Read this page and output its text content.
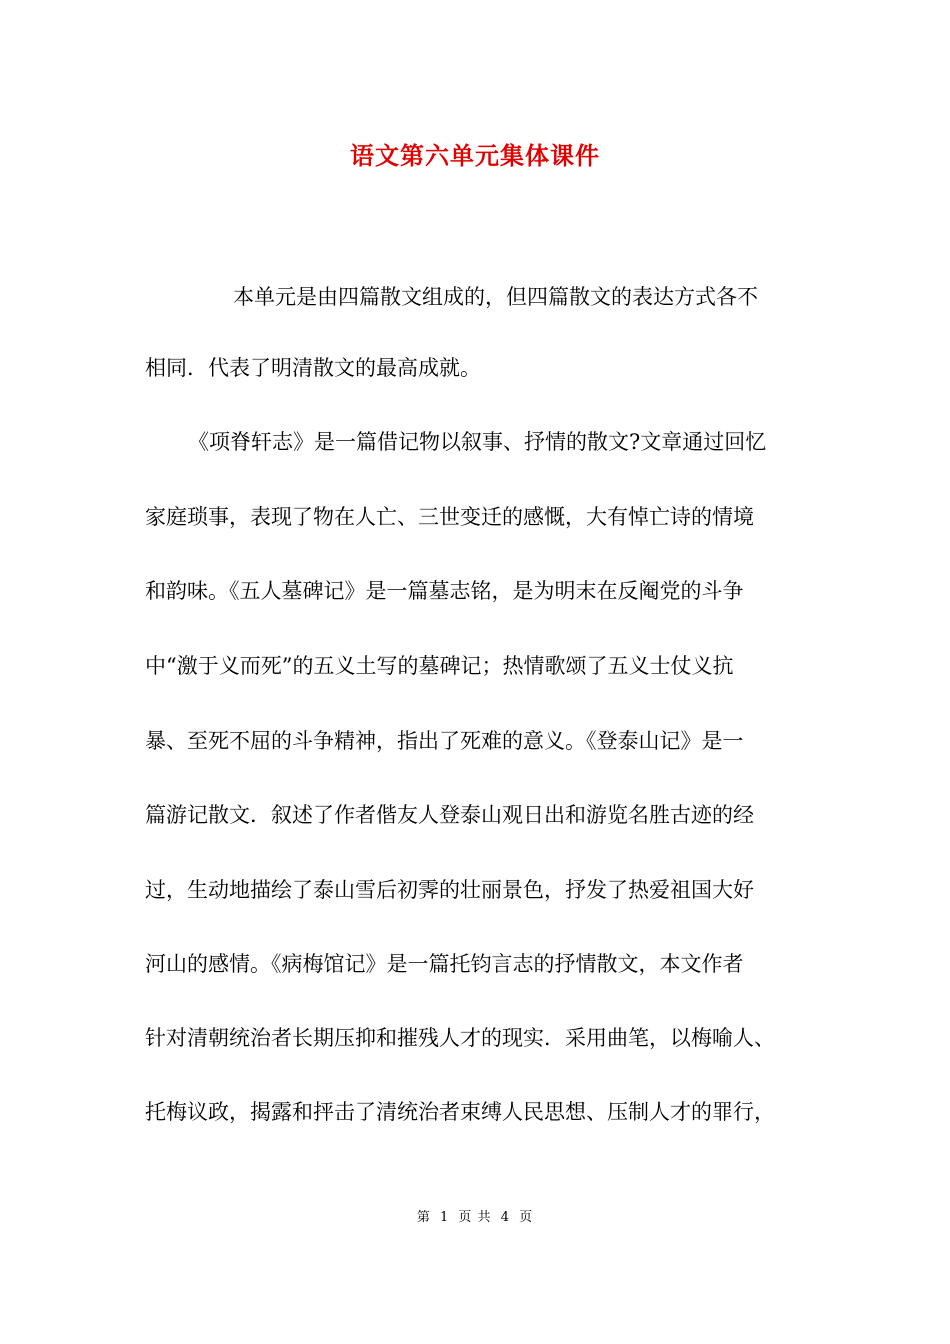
语文第六单元集体课件
本单元是由四篇散文组成的，但四篇散文的表达方式各不
相同．代表了明清散文的最高成就。
《项脊轩志》是一篇借记物以叙事、抒情的散文?文章通过回忆
家庭琐事，表现了物在人亡、三世变迁的感慨，大有悼亡诗的情境
和韵味。《五人墓碑记》是一篇墓志铭，是为明末在反阉党的斗争
中“激于义而死”的五义土写的墓碑记；热情歌颂了五义士仗义抗
暴、至死不屈的斗争精神，指出了死难的意义。《登泰山记》是一
篇游记散文．叙述了作者偕友人登泰山观日出和游览名胜古迹的经
过，生动地描绘了泰山雪后初霁的壮丽景色，抒发了热爱祖国大好
河山的感情。《病梅馆记》是一篇托钧言志的抒情散文，本文作者
针对清朝统治者长期压抑和摧残人才的现实．采用曲笔，以梅喻人、
托梅议政，揭露和抨击了清统治者束缚人民思想、压制人才的罪行，
第 1 页 共 4 页
